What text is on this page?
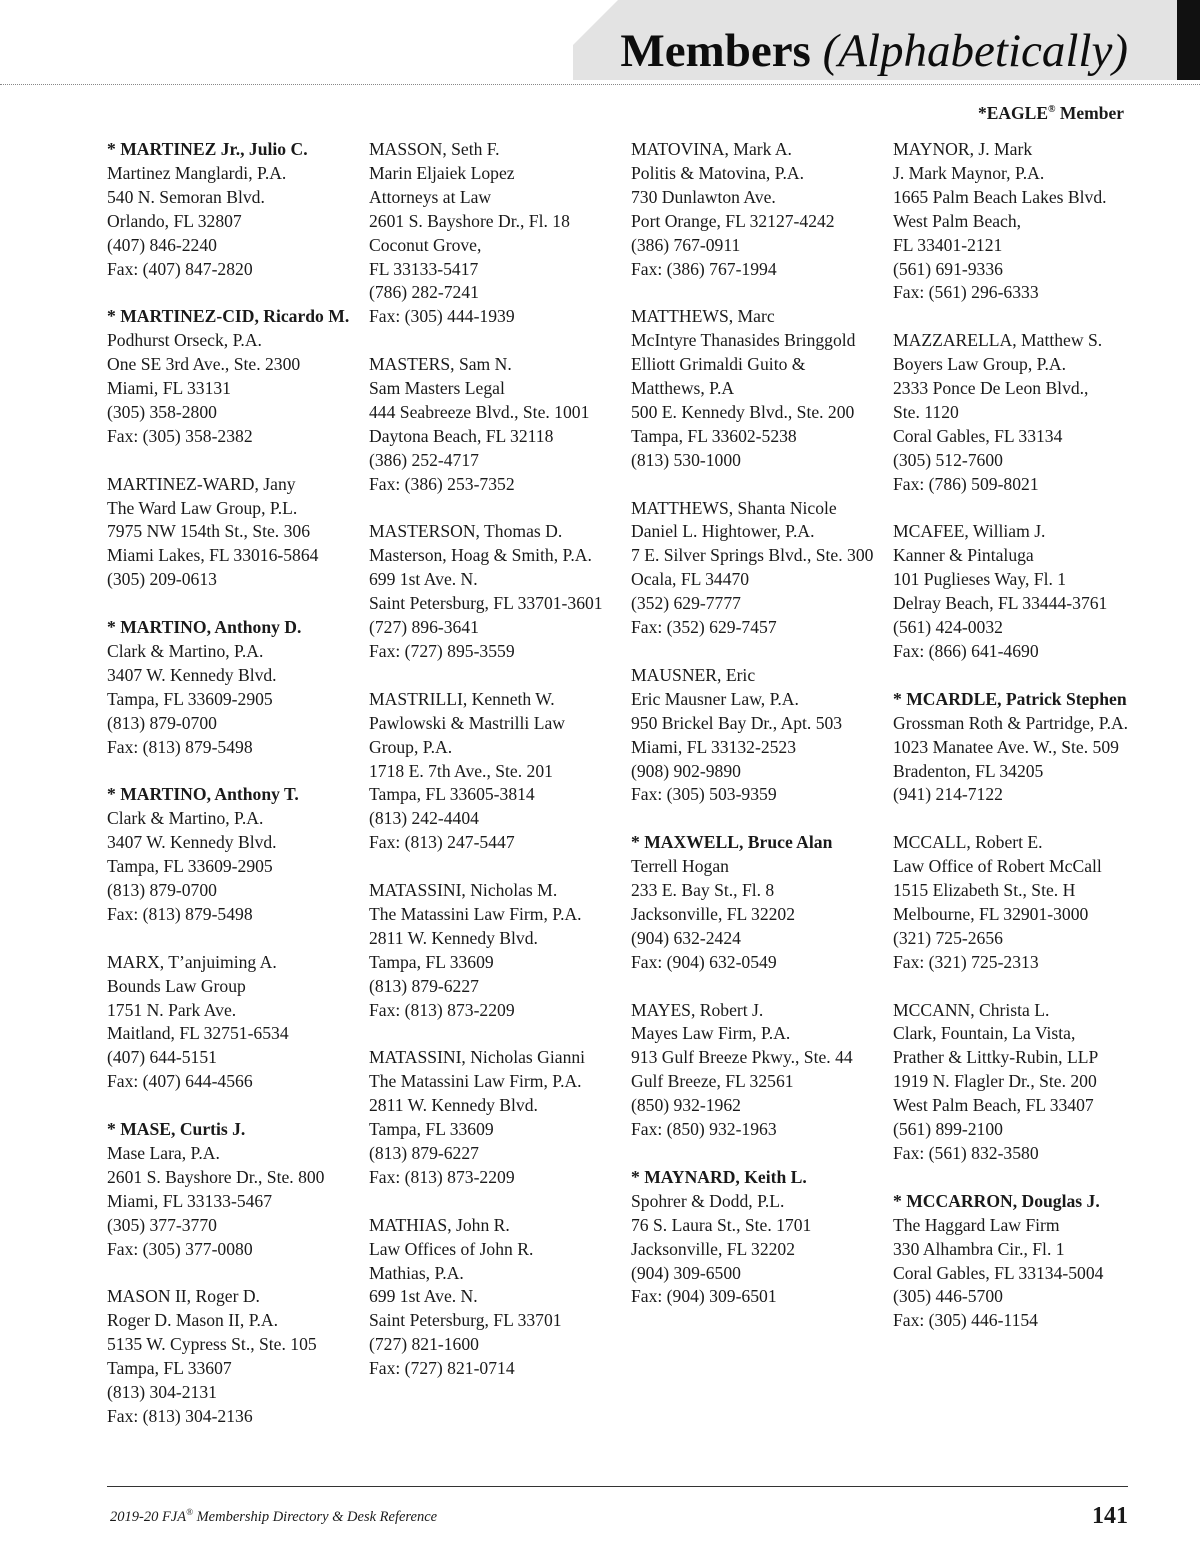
Members (Alphabetically)
*EAGLE® Member
* MARTINEZ Jr., Julio C.
Martinez Manglardi, P.A.
540 N. Semoran Blvd.
Orlando, FL 32807
(407) 846-2240
Fax: (407) 847-2820
* MARTINEZ-CID, Ricardo M.
Podhurst Orseck, P.A.
One SE 3rd Ave., Ste. 2300
Miami, FL 33131
(305) 358-2800
Fax: (305) 358-2382
MARTINEZ-WARD, Jany
The Ward Law Group, P.L.
7975 NW 154th St., Ste. 306
Miami Lakes, FL 33016-5864
(305) 209-0613
* MARTINO, Anthony D.
Clark & Martino, P.A.
3407 W. Kennedy Blvd.
Tampa, FL 33609-2905
(813) 879-0700
Fax: (813) 879-5498
* MARTINO, Anthony T.
Clark & Martino, P.A.
3407 W. Kennedy Blvd.
Tampa, FL 33609-2905
(813) 879-0700
Fax: (813) 879-5498
MARX, T’anjuiming A.
Bounds Law Group
1751 N. Park Ave.
Maitland, FL 32751-6534
(407) 644-5151
Fax: (407) 644-4566
* MASE, Curtis J.
Mase Lara, P.A.
2601 S. Bayshore Dr., Ste. 800
Miami, FL 33133-5467
(305) 377-3770
Fax: (305) 377-0080
MASON II, Roger D.
Roger D. Mason II, P.A.
5135 W. Cypress St., Ste. 105
Tampa, FL 33607
(813) 304-2131
Fax: (813) 304-2136
MASSON, Seth F.
Marin Eljaiek Lopez
Attorneys at Law
2601 S. Bayshore Dr., Fl. 18
Coconut Grove,
FL 33133-5417
(786) 282-7241
Fax: (305) 444-1939
MASTERS, Sam N.
Sam Masters Legal
444 Seabreeze Blvd., Ste. 1001
Daytona Beach, FL 32118
(386) 252-4717
Fax: (386) 253-7352
MASTERSON, Thomas D.
Masterson, Hoag & Smith, P.A.
699 1st Ave. N.
Saint Petersburg, FL 33701-3601
(727) 896-3641
Fax: (727) 895-3559
MASTRILLI, Kenneth W.
Pawlowski & Mastrilli Law
Group, P.A.
1718 E. 7th Ave., Ste. 201
Tampa, FL 33605-3814
(813) 242-4404
Fax: (813) 247-5447
MATASSINI, Nicholas M.
The Matassini Law Firm, P.A.
2811 W. Kennedy Blvd.
Tampa, FL 33609
(813) 879-6227
Fax: (813) 873-2209
MATASSINI, Nicholas Gianni
The Matassini Law Firm, P.A.
2811 W. Kennedy Blvd.
Tampa, FL 33609
(813) 879-6227
Fax: (813) 873-2209
MATHIAS, John R.
Law Offices of John R.
Mathias, P.A.
699 1st Ave. N.
Saint Petersburg, FL 33701
(727) 821-1600
Fax: (727) 821-0714
MATOVINA, Mark A.
Politis & Matovina, P.A.
730 Dunlawton Ave.
Port Orange, FL 32127-4242
(386) 767-0911
Fax: (386) 767-1994
MATTHEWS, Marc
McIntyre Thanasides Bringgold
Elliott Grimaldi Guito &
Matthews, P.A
500 E. Kennedy Blvd., Ste. 200
Tampa, FL 33602-5238
(813) 530-1000
MATTHEWS, Shanta Nicole
Daniel L. Hightower, P.A.
7 E. Silver Springs Blvd., Ste. 300
Ocala, FL 34470
(352) 629-7777
Fax: (352) 629-7457
MAUSNER, Eric
Eric Mausner Law, P.A.
950 Brickel Bay Dr., Apt. 503
Miami, FL 33132-2523
(908) 902-9890
Fax: (305) 503-9359
* MAXWELL, Bruce Alan
Terrell Hogan
233 E. Bay St., Fl. 8
Jacksonville, FL 32202
(904) 632-2424
Fax: (904) 632-0549
MAYES, Robert J.
Mayes Law Firm, P.A.
913 Gulf Breeze Pkwy., Ste. 44
Gulf Breeze, FL 32561
(850) 932-1962
Fax: (850) 932-1963
* MAYNARD, Keith L.
Spohrer & Dodd, P.L.
76 S. Laura St., Ste. 1701
Jacksonville, FL 32202
(904) 309-6500
Fax: (904) 309-6501
MAYNOR, J. Mark
J. Mark Maynor, P.A.
1665 Palm Beach Lakes Blvd.
West Palm Beach,
FL 33401-2121
(561) 691-9336
Fax: (561) 296-6333
MAZZARELLA, Matthew S.
Boyers Law Group, P.A.
2333 Ponce De Leon Blvd.,
Ste. 1120
Coral Gables, FL 33134
(305) 512-7600
Fax: (786) 509-8021
MCAFEE, William J.
Kanner & Pintaluga
101 Puglieses Way, Fl. 1
Delray Beach, FL 33444-3761
(561) 424-0032
Fax: (866) 641-4690
* MCARDLE, Patrick Stephen
Grossman Roth & Partridge, P.A.
1023 Manatee Ave. W., Ste. 509
Bradenton, FL 34205
(941) 214-7122
MCCALL, Robert E.
Law Office of Robert McCall
1515 Elizabeth St., Ste. H
Melbourne, FL 32901-3000
(321) 725-2656
Fax: (321) 725-2313
MCCANN, Christa L.
Clark, Fountain, La Vista,
Prather & Littky-Rubin, LLP
1919 N. Flagler Dr., Ste. 200
West Palm Beach, FL 33407
(561) 899-2100
Fax: (561) 832-3580
* MCCARRON, Douglas J.
The Haggard Law Firm
330 Alhambra Cir., Fl. 1
Coral Gables, FL 33134-5004
(305) 446-5700
Fax: (305) 446-1154
2019-20 FJA® Membership Directory & Desk Reference	141
